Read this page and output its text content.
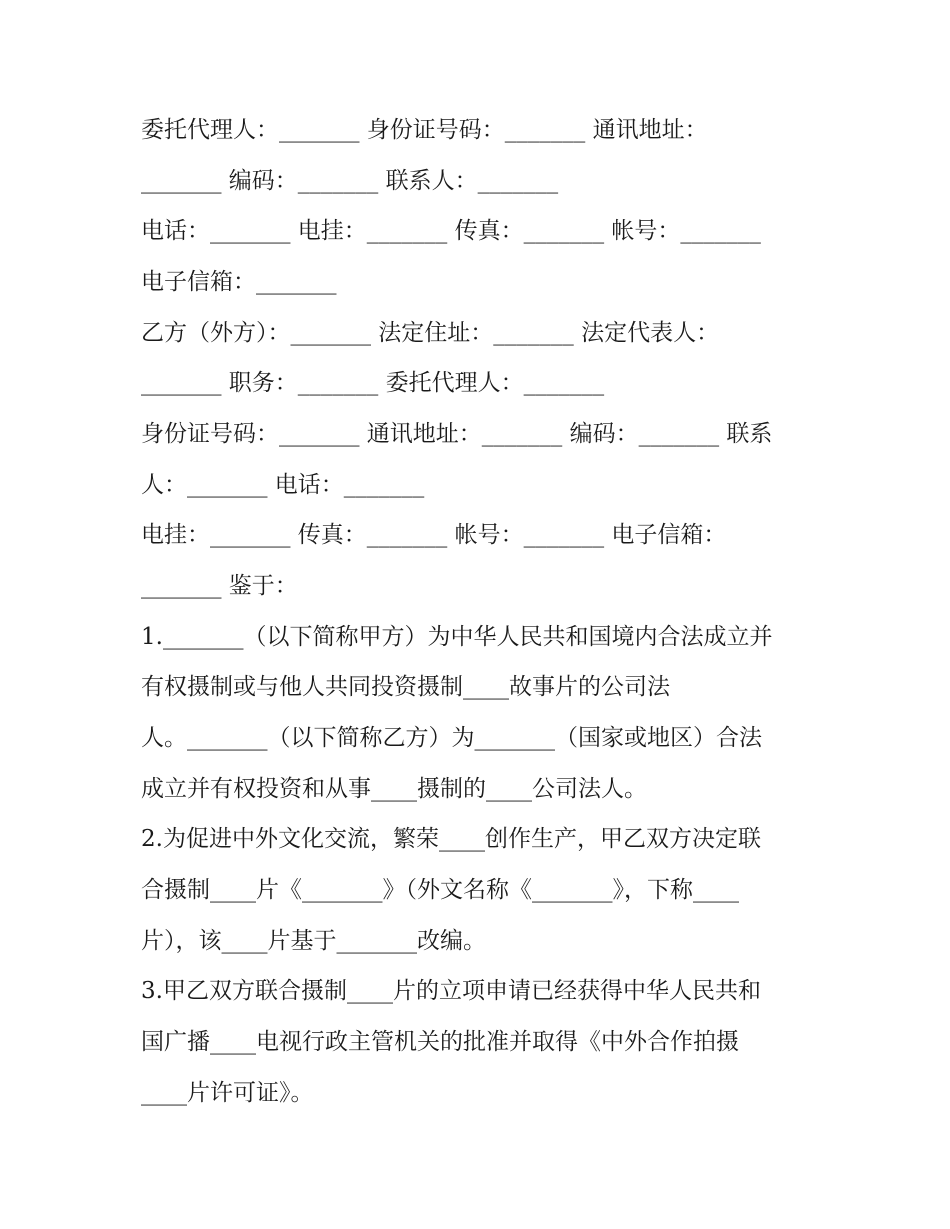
委托代理人：_______ 身份证号码：_______ 通讯地址：
_______ 编码：_______ 联系人：_______
电话：_______ 电挂：_______ 传真：_______ 帐号：_______
电子信箱：_______
乙方（外方）：_______ 法定住址：_______ 法定代表人：
_______ 职务：_______ 委托代理人：_______
身份证号码：_______ 通讯地址：_______ 编码：_______ 联系
人：_______ 电话：_______
电挂：_______ 传真：_______ 帐号：_______ 电子信箱：
_______ 鉴于：
1._______（以下简称甲方）为中华人民共和国境内合法成立并
有权摄制或与他人共同投资摄制____故事片的公司法
人。_______（以下简称乙方）为_______（国家或地区）合法
成立并有权投资和从事____摄制的____公司法人。
2.为促进中外文化交流，繁荣____创作生产，甲乙双方决定联
合摄制____片《_______》（外文名称《_______》，下称____
片），该____片基于_______改编。
3.甲乙双方联合摄制____片的立项申请已经获得中华人民共和
国广播____电视行政主管机关的批准并取得《中外合作拍摄
____片许可证》。
